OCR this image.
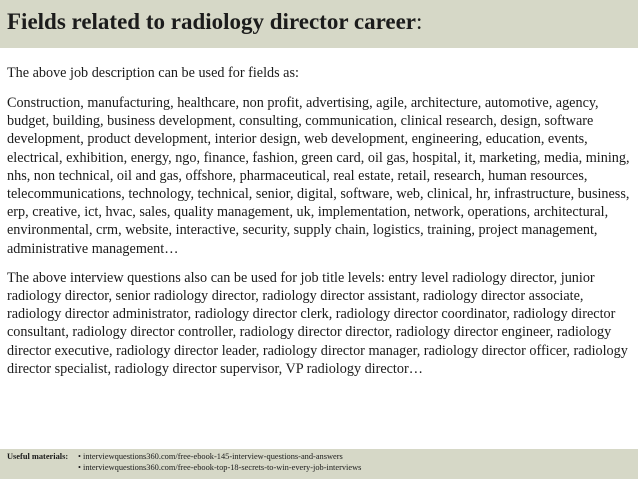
Fields related to radiology director career:

The above job description can be used for fields as:

Construction, manufacturing, healthcare, non profit, advertising, agile, architecture, automotive, agency, budget, building, business development, consulting, communication, clinical research, design, software development, product development, interior design, web development, engineering, education, events, electrical, exhibition, energy, ngo, finance, fashion, green card, oil gas, hospital, it, marketing, media, mining, nhs, non technical, oil and gas, offshore, pharmaceutical, real estate, retail, research, human resources, telecommunications, technology, technical, senior, digital, software, web, clinical, hr, infrastructure, business, erp, creative, ict, hvac, sales, quality management, uk, implementation, network, operations, architectural, environmental, crm, website, interactive, security, supply chain, logistics, training, project management, administrative management…

The above interview questions also can be used for job title levels: entry level radiology director, junior radiology director, senior radiology director, radiology director assistant, radiology director associate, radiology director administrator, radiology director clerk, radiology director coordinator, radiology director consultant, radiology director controller, radiology director director, radiology director engineer, radiology director executive, radiology director leader, radiology director manager, radiology director officer, radiology director specialist, radiology director supervisor, VP radiology director…

Useful materials:	• interviewquestions360.com/free-ebook-145-interview-questions-and-answers
• interviewquestions360.com/free-ebook-top-18-secrets-to-win-every-job-interviews
